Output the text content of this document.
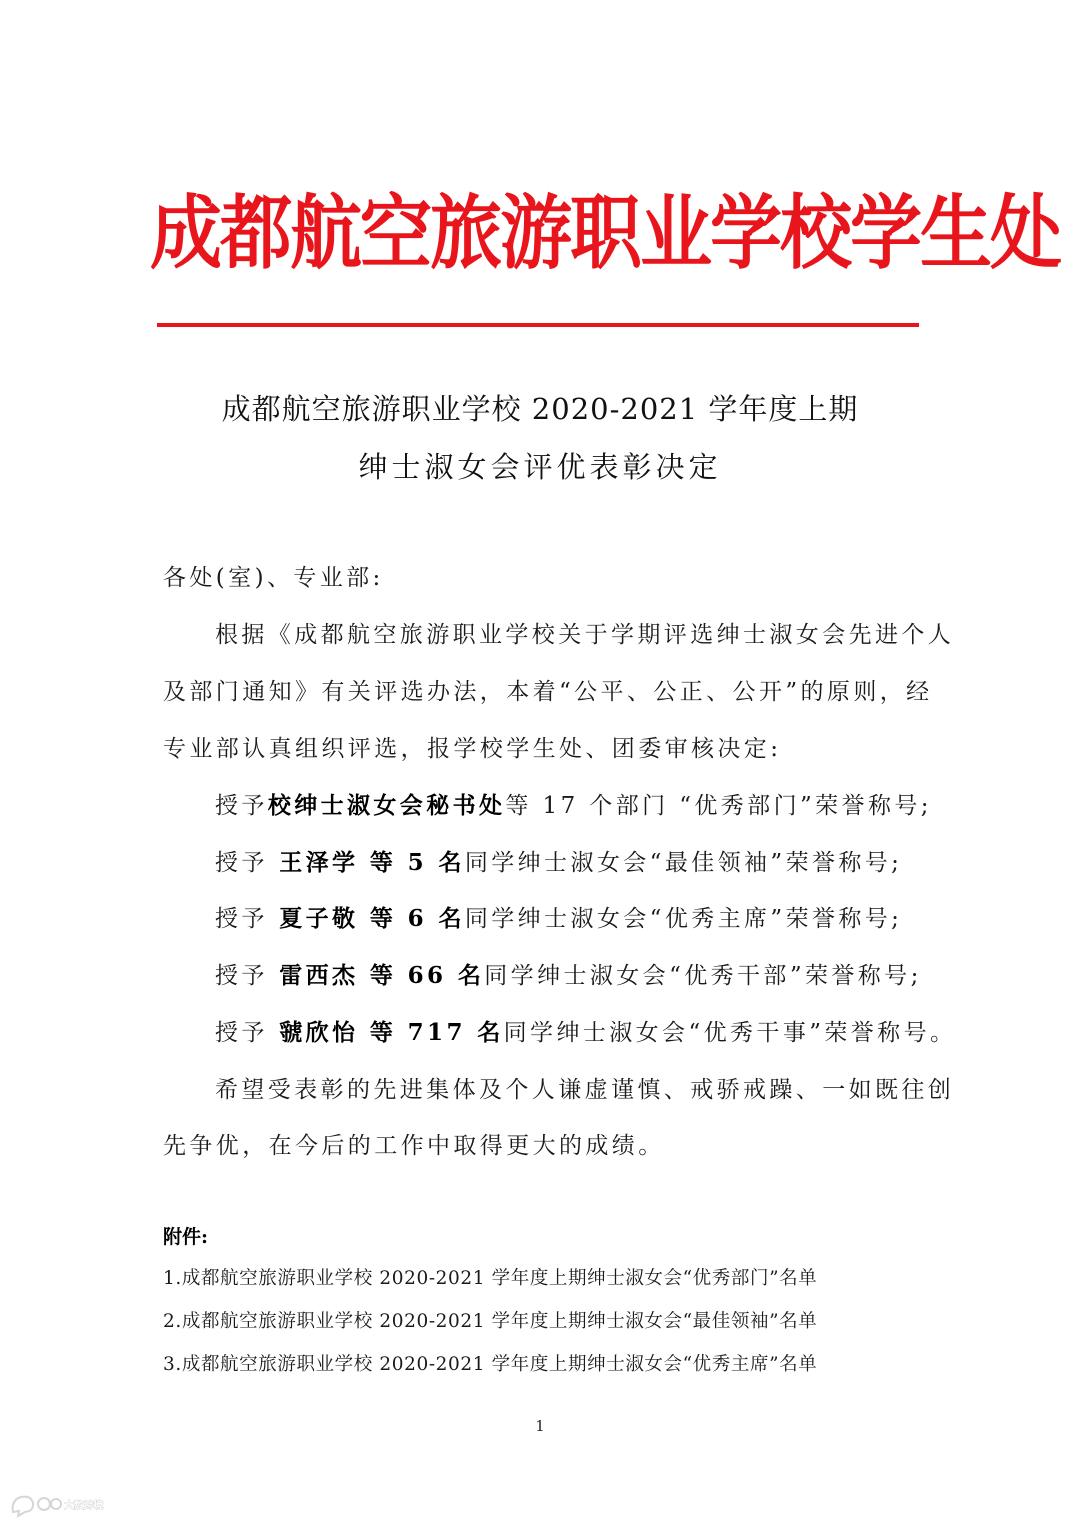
成都航空旅游职业学校学生处
成都航空旅游职业学校 2020-2021 学年度上期
绅士淑女会评优表彰决定

各处(室)、专业部:

根据《成都航空旅游职业学校关于学期评选绅士淑女会先进个人

及部门通知》有关评选办法，本着“公平、公正、公开”的原则，经

专业部认真组织评选，报学校学生处、团委审核决定:

授予校绅士淑女会秘书处等 17 个部门 “优秀部门”荣誉称号;

授予 王泽学 等 5 名同学绅士淑女会“最佳领袖”荣誉称号;

授予 夏子敬 等 6 名同学绅士淑女会“优秀主席”荣誉称号;

授予 雷西杰 等 66 名同学绅士淑女会“优秀干部”荣誉称号;

授予 虢欣怡 等 717 名同学绅士淑女会“优秀干事”荣誉称号。

希望受表彰的先进集体及个人谦虚谨慎、戒骄戒躁、一如既往创

先争优，在今后的工作中取得更大的成绩。

附件:

1.成都航空旅游职业学校 2020-2021 学年度上期绅士淑女会“优秀部门”名单

2.成都航空旅游职业学校 2020-2021 学年度上期绅士淑女会“最佳领袖”名单

3.成都航空旅游职业学校 2020-2021 学年度上期绅士淑女会“优秀主席”名单

1

大数跨境
